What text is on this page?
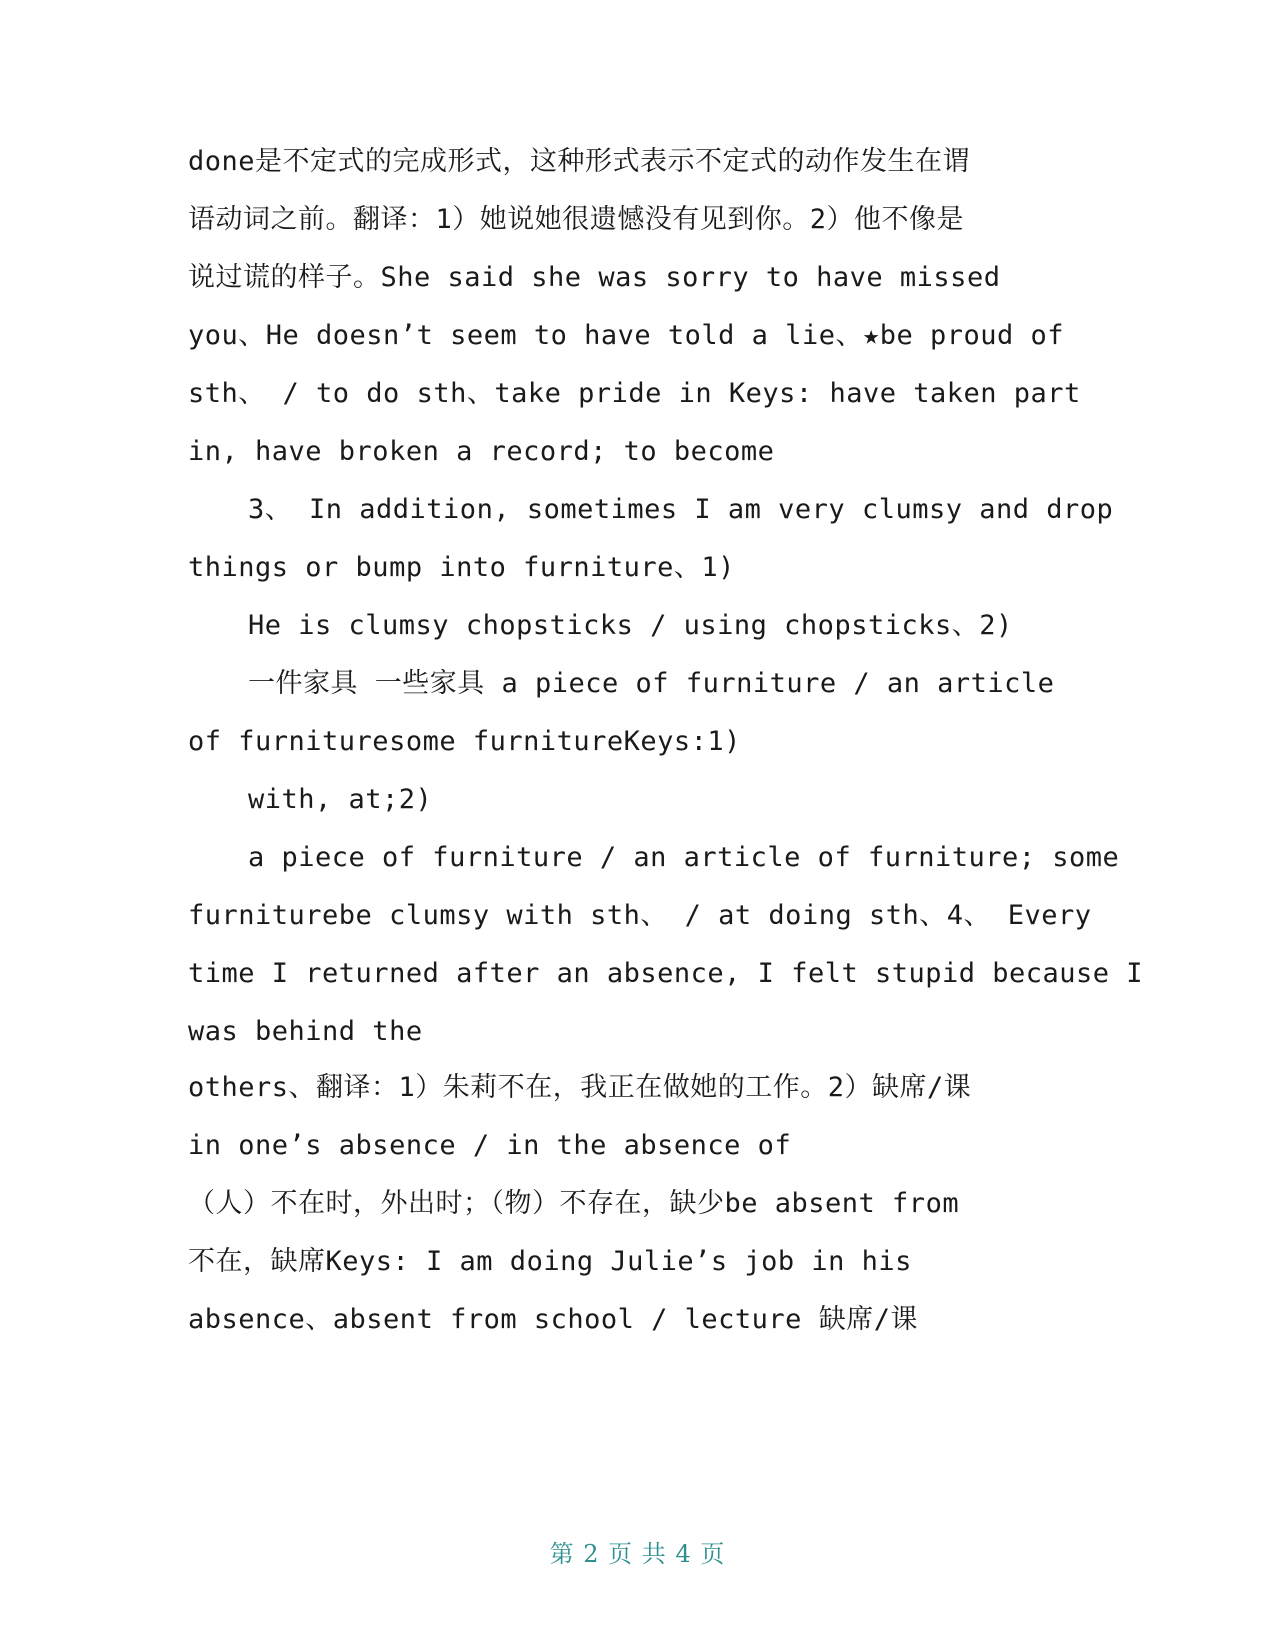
done是不定式的完成形式，这种形式表示不定式的动作发生在谓
语动词之前。翻译：1）她说她很遗憾没有见到你。2）他不像是
说过谎的样子。She said she was sorry to have missed
you、He doesn’t seem to have told a lie、★be proud of
sth、 / to do sth、take pride in Keys: have taken part
in, have broken a record; to become
3、 In addition, sometimes I am very clumsy and drop
things or bump into furniture、1)
He is clumsy chopsticks / using chopsticks、2)
一件家具 一些家具 a piece of furniture / an article
of furnituresome furnitureKeys:1)
with, at;2)
a piece of furniture / an article of furniture; some
furniturebe clumsy with sth、 / at doing sth、4、 Every
time I returned after an absence, I felt stupid because I
was behind the
others、翻译：1）朱莉不在，我正在做她的工作。2）缺席/课
in one’s absence / in the absence of
（人）不在时，外出时；（物）不存在，缺少be absent from
不在，缺席Keys: I am doing Julie’s job in his
absence、absent from school / lecture 缺席/课
第 2 页 共 4 页
